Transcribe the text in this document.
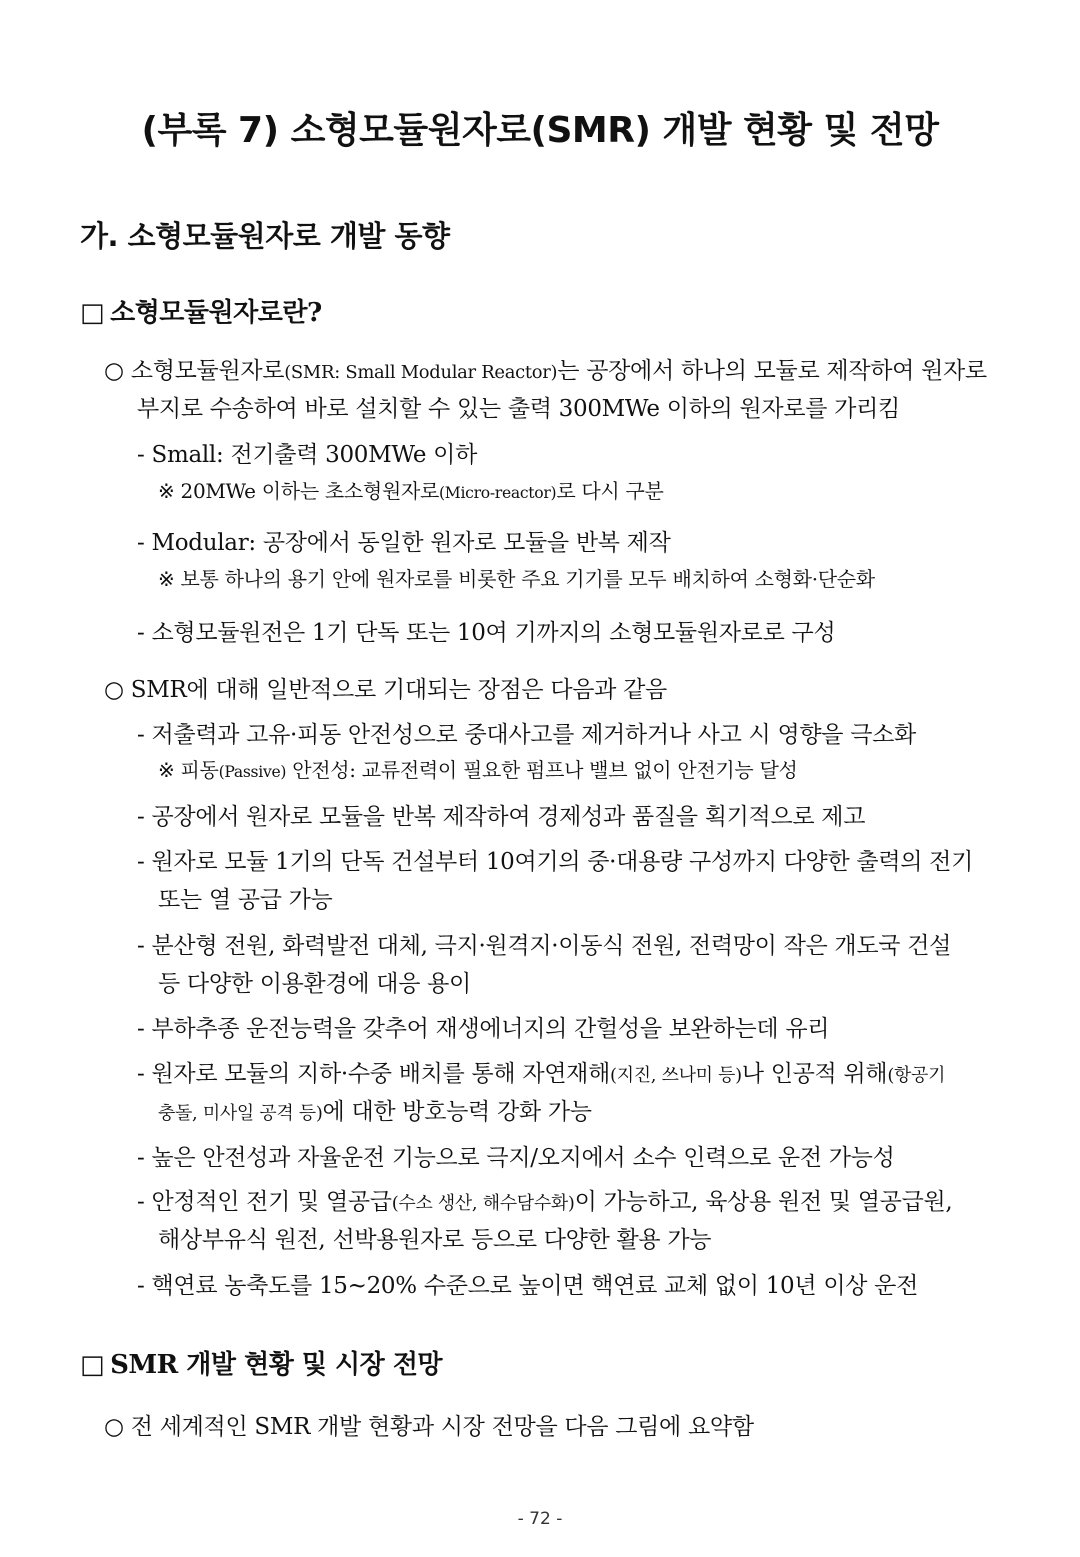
(부록 7) 소형모듈원자로(SMR) 개발 현황 및 전망
가. 소형모듈원자로 개발 동향
□ 소형모듈원자로란?
○ 소형모듈원자로(SMR: Small Modular Reactor)는 공장에서 하나의 모듈로 제작하여 원자로
부지로 수송하여 바로 설치할 수 있는 출력 300MWe 이하의 원자로를 가리킴
- Small: 전기출력 300MWe 이하
※ 20MWe 이하는 초소형원자로(Micro-reactor)로 다시 구분
- Modular: 공장에서 동일한 원자로 모듈을 반복 제작
※ 보통 하나의 용기 안에 원자로를 비롯한 주요 기기를 모두 배치하여 소형화·단순화
- 소형모듈원전은 1기 단독 또는 10여 기까지의 소형모듈원자로로 구성
○ SMR에 대해 일반적으로 기대되는 장점은 다음과 같음
- 저출력과 고유·피동 안전성으로 중대사고를 제거하거나 사고 시 영향을 극소화
※ 피동(Passive) 안전성: 교류전력이 필요한 펌프나 밸브 없이 안전기능 달성
- 공장에서 원자로 모듈을 반복 제작하여 경제성과 품질을 획기적으로 제고
- 원자로 모듈 1기의 단독 건설부터 10여기의 중·대용량 구성까지 다양한 출력의 전기
또는 열 공급 가능
- 분산형 전원, 화력발전 대체, 극지·원격지·이동식 전원, 전력망이 작은 개도국 건설
등 다양한 이용환경에 대응 용이
- 부하추종 운전능력을 갖추어 재생에너지의 간헐성을 보완하는데 유리
- 원자로 모듈의 지하·수중 배치를 통해 자연재해(지진, 쓰나미 등)나 인공적 위해(항공기
충돌, 미사일 공격 등)에 대한 방호능력 강화 가능
- 높은 안전성과 자율운전 기능으로 극지/오지에서 소수 인력으로 운전 가능성
- 안정적인 전기 및 열공급(수소 생산, 해수담수화)이 가능하고, 육상용 원전 및 열공급원,
해상부유식 원전, 선박용원자로 등으로 다양한 활용 가능
- 핵연료 농축도를 15~20% 수준으로 높이면 핵연료 교체 없이 10년 이상 운전
□ SMR 개발 현황 및 시장 전망
○ 전 세계적인 SMR 개발 현황과 시장 전망을 다음 그림에 요약함
- 72 -
